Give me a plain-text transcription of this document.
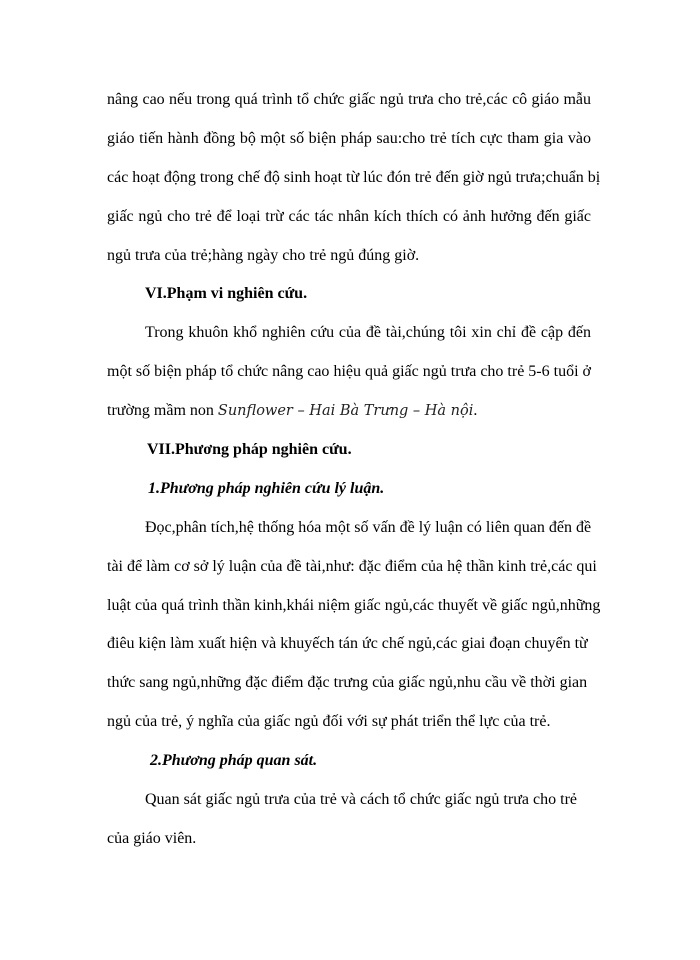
nâng cao nếu trong quá trình tổ chức giấc ngủ trưa cho trẻ,các cô giáo mẫu
giáo tiến hành đồng bộ một số biện pháp sau:cho trẻ tích cực tham gia vào
các hoạt động trong chế độ sinh hoạt từ lúc đón trẻ đến giờ ngủ trưa;chuẩn bị
giấc ngủ cho trẻ để loại trừ các tác nhân kích thích có ảnh hưởng đến giấc
ngủ trưa của trẻ;hàng ngày cho trẻ ngủ đúng giờ.
VI.Phạm vi nghiên cứu.
Trong khuôn khổ nghiên cứu của đề tài,chúng tôi xin chỉ đề cập đến
một số biện pháp tổ chức nâng cao hiệu quả giấc ngủ trưa cho trẻ 5-6 tuổi ở
trường mầm non Sunflower – Hai Bà Trưng – Hà nội.
VII.Phương pháp nghiên cứu.
1.Phương pháp nghiên cứu lý luận.
Đọc,phân tích,hệ thống hóa một số vấn đề lý luận có liên quan đến đề
tài để làm cơ sở lý luận của đề tài,như: đặc điểm của hệ thần kinh trẻ,các qui
luật của quá trình thần kinh,khái niệm giấc ngủ,các thuyết về giấc ngủ,những
điêu kiện làm xuất hiện và khuyếch tán ức chế ngủ,các giai đoạn chuyển từ
thức sang ngủ,những đặc điểm đặc trưng của giấc ngủ,nhu cầu về thời gian
ngủ của trẻ, ý nghĩa của giấc ngủ đối với sự phát triển thể lực của trẻ.
2.Phương pháp quan sát.
Quan sát giấc ngủ trưa của trẻ và cách tổ chức giấc ngủ trưa cho trẻ
của giáo viên.
